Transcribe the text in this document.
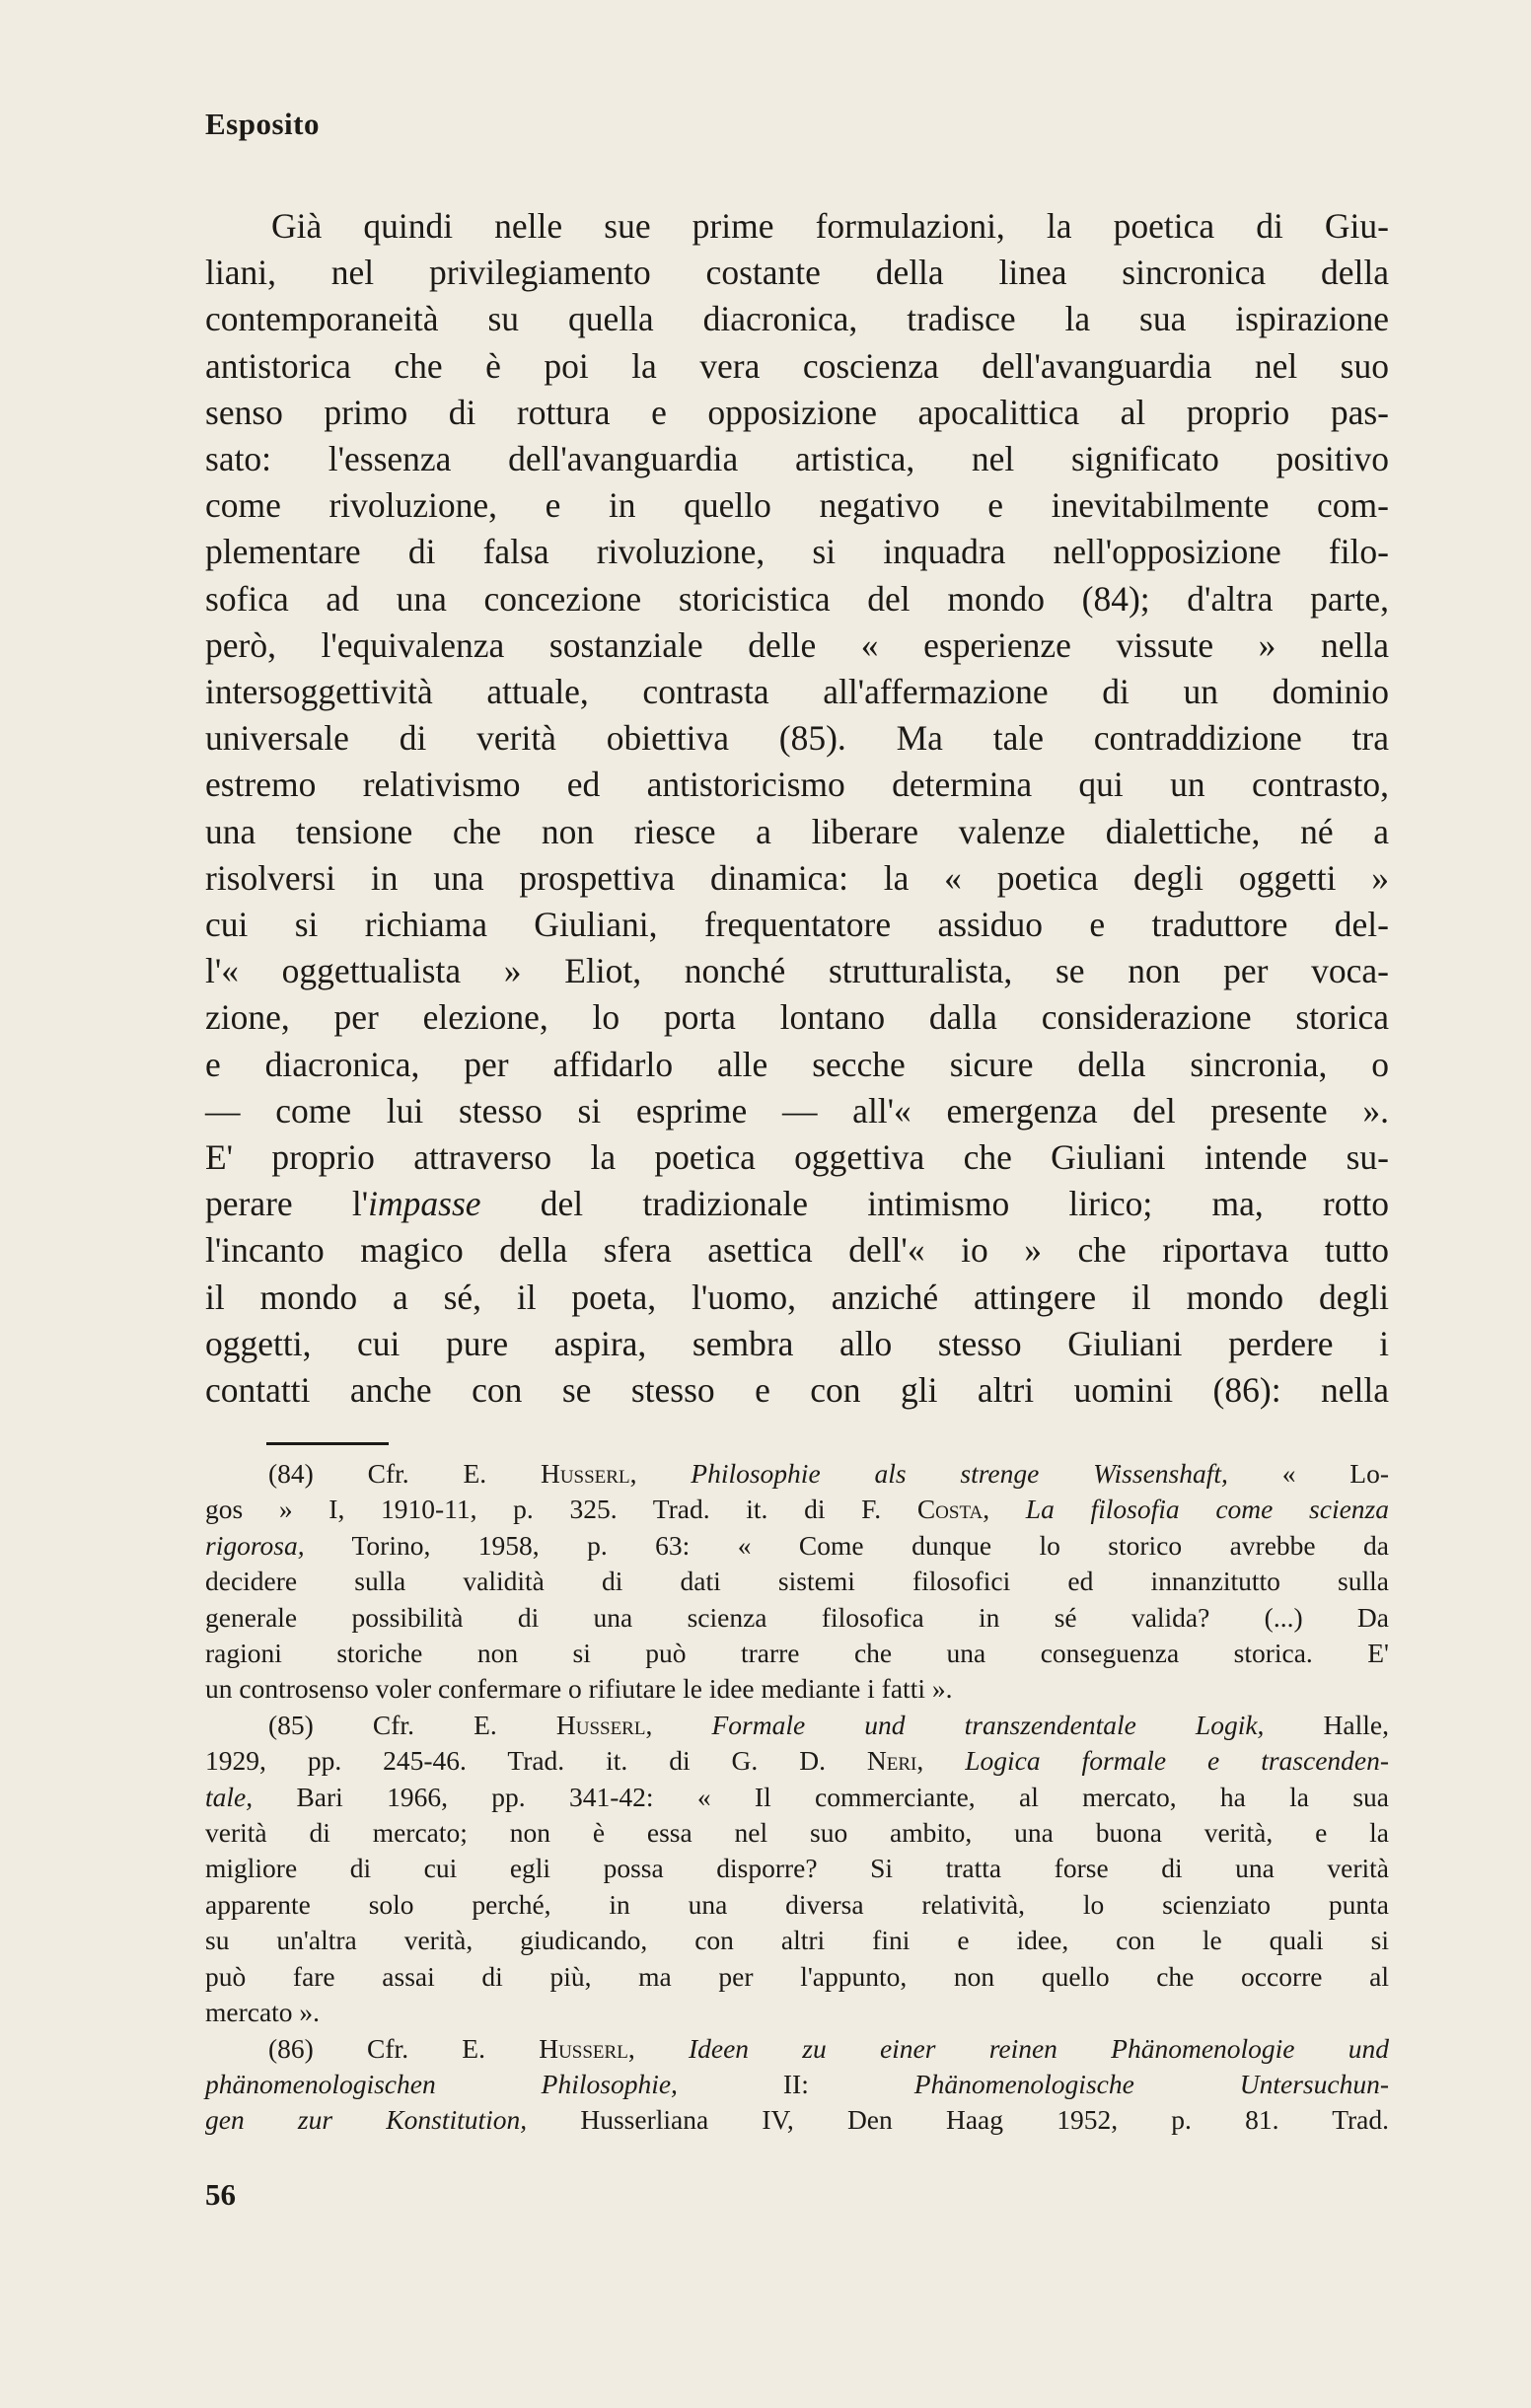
Esposito
Già quindi nelle sue prime formulazioni, la poetica di Giu-
liani, nel privilegiamento costante della linea sincronica della
contemporaneità su quella diacronica, tradisce la sua ispirazione
antistorica che è poi la vera coscienza dell'avanguardia nel suo
senso primo di rottura e opposizione apocalittica al proprio pas-
sato: l'essenza dell'avanguardia artistica, nel significato positivo
come rivoluzione, e in quello negativo e inevitabilmente com-
plementare di falsa rivoluzione, si inquadra nell'opposizione filo-
sofica ad una concezione storicistica del mondo (84); d'altra parte,
però, l'equivalenza sostanziale delle « esperienze vissute » nella
intersoggettività attuale, contrasta all'affermazione di un dominio
universale di verità obiettiva (85). Ma tale contraddizione tra
estremo relativismo ed antistoricismo determina qui un contrasto,
una tensione che non riesce a liberare valenze dialettiche, né a
risolversi in una prospettiva dinamica: la « poetica degli oggetti »
cui si richiama Giuliani, frequentatore assiduo e traduttore del-
l'« oggettualista » Eliot, nonché strutturalista, se non per voca-
zione, per elezione, lo porta lontano dalla considerazione storica
e diacronica, per affidarlo alle secche sicure della sincronia, o
— come lui stesso si esprime — all'« emergenza del presente ».
E' proprio attraverso la poetica oggettiva che Giuliani intende su-
perare l'impasse del tradizionale intimismo lirico; ma, rotto
l'incanto magico della sfera asettica dell'« io » che riportava tutto
il mondo a sé, il poeta, l'uomo, anziché attingere il mondo degli
oggetti, cui pure aspira, sembra allo stesso Giuliani perdere i
contatti anche con se stesso e con gli altri uomini (86): nella
(84) Cfr. E. Husserl, Philosophie als strenge Wissenshaft, « Lo-
gos » I, 1910-11, p. 325. Trad. it. di F. Costa, La filosofia come scienza
rigorosa, Torino, 1958, p. 63: « Come dunque lo storico avrebbe da
decidere sulla validità di dati sistemi filosofici ed innanzitutto sulla
generale possibilità di una scienza filosofica in sé valida? (...) Da
ragioni storiche non si può trarre che una conseguenza storica. E'
un controsenso voler confermare o rifiutare le idee mediante i fatti ».
(85) Cfr. E. Husserl, Formale und transzendentale Logik, Halle,
1929, pp. 245-46. Trad. it. di G. D. Neri, Logica formale e trascenden-
tale, Bari 1966, pp. 341-42: « Il commerciante, al mercato, ha la sua
verità di mercato; non è essa nel suo ambito, una buona verità, e la
migliore di cui egli possa disporre? Si tratta forse di una verità
apparente solo perché, in una diversa relatività, lo scienziato punta
su un'altra verità, giudicando, con altri fini e idee, con le quali si
può fare assai di più, ma per l'appunto, non quello che occorre al
mercato ».
(86) Cfr. E. Husserl, Ideen zu einer reinen Phänomenologie und
phänomenologischen Philosophie, II: Phänomenologische Untersuchun-
gen zur Konstitution, Husserliana IV, Den Haag 1952, p. 81. Trad.
56
